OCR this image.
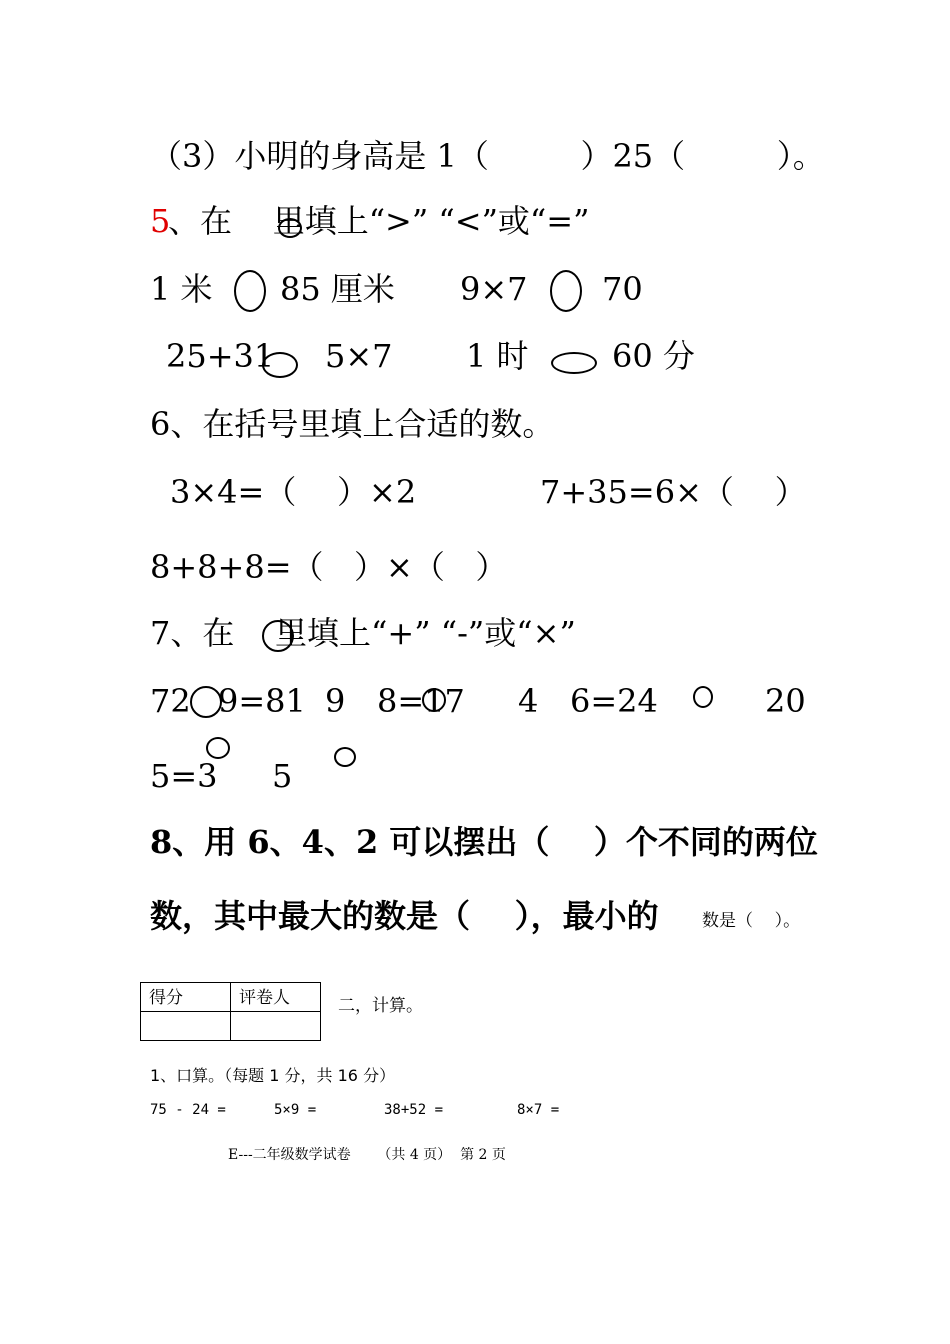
（3）小明的身高是 1（         ）25（         ）。
5
、在    里填上“>” “<”或“=”
1 米 85 厘米 9×7 70
25+31 5×7 1 时	60 分
6、在括号里填上合适的数。
3×4=（    ）×2	7+35=6×（    ）
8+8+8=（   ）×（   ）
7、在    里填上“+” “-”或“×”
72 9=81 9 8=17 4 6=24	20
5=3 5
8、用 6、4、2 可以摆出（    ）个不同的两位
数，其中最大的数是（    ），最小的	数是（    ）。
得分	评卷人
		二，计算。
1、口算。（每题 1 分，共 16 分）
75 - 24 =	5×9 =	38+52 =	8×7 =
E---二年级数学试卷      （共 4 页）  第 2 页
